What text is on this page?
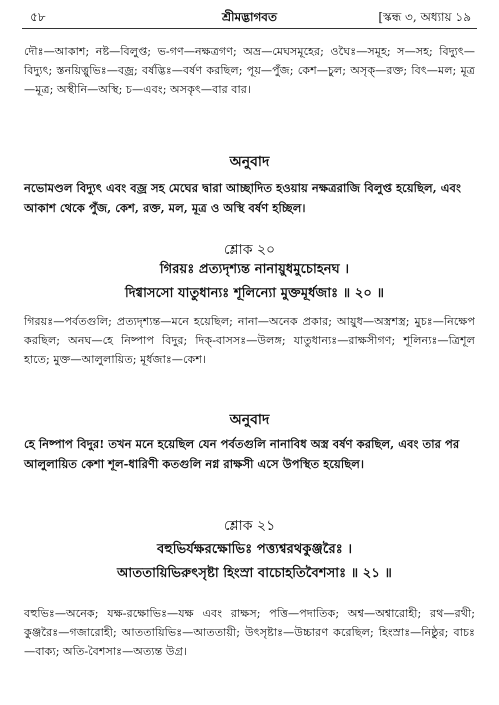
৫৮	শ্রীমদ্ভাগবত	[স্কন্ধ ৩, অধ্যায় ১৯

দৌঃ—আকাশ; নষ্ট—বিলুপ্ত; ভ-গণ—নক্ষত্রগণ; অভ্র—মেঘসমূহের; ওঘৈঃ—সমূহ; স—সহ; বিদ্যুৎ—বিদ্যুৎ; স্তনয়িত্নুভিঃ—বজ্র; বর্ষদ্ভিঃ—বর্ষণ করছিল; পূয়—পুঁজ; কেশ—চুল; অসৃক্—রক্ত; বিৎ—মল; মূত্র—মূত্র; অস্থীনি—অস্থি; চ—এবং; অসকৃৎ—বার বার।

অনুবাদ

নভোমণ্ডল বিদ্যুৎ এবং বজ্র সহ মেঘের দ্বারা আচ্ছাদিত হওয়ায় নক্ষত্ররাজি বিলুপ্ত হয়েছিল, এবং আকাশ থেকে পুঁজ, কেশ, রক্ত, মল, মূত্র ও অস্থি বর্ষণ হচ্ছিল।

শ্লোক ২০
গিরয়ঃ প্রত্যদৃশ্যন্ত নানায়ুধমুচোহনঘ ।
দিগ্বাসসো যাতুধান্যঃ শূলিন্যো মুক্তমূর্ধজাঃ ॥ ২০ ॥

গিরয়ঃ—পর্বতগুলি; প্রত্যদৃশ্যন্ত—মনে হয়েছিল; নানা—অনেক প্রকার; আয়ুধ—অস্ত্রশস্ত্র; মুচঃ—নিক্ষেপ করছিল; অনঘ—হে নিষ্পাপ বিদুর; দিক্-বাসসঃ—উলঙ্গ; যাতুধান্যঃ—রাক্ষসীগণ; শূলিন্যঃ—ত্রিশূল হাতে; মুক্ত—আলুলায়িত; মূর্ধজাঃ—কেশ।

অনুবাদ

হে নিষ্পাপ বিদুর! তখন মনে হয়েছিল যেন পর্বতগুলি নানাবিধ অস্ত্র বর্ষণ করছিল, এবং তার পর আলুলায়িত কেশা শূল-ধারিণী কতগুলি নগ্ন রাক্ষসী এসে উপস্থিত হয়েছিল।

শ্লোক ২১
বহুভির্যক্ষরক্ষোভিঃ পত্ত্যশ্বরথকুঞ্জরৈঃ ।
আততায়িভিরুৎসৃষ্টা হিংস্রা বাচোহতিবৈশসাঃ ॥ ২১ ॥

বহুভিঃ—অনেক; যক্ষ-রক্ষোভিঃ—যক্ষ এবং রাক্ষস; পত্তি—পদাতিক; অশ্ব—অশ্বারোহী; রথ—রথী; কুঞ্জরৈঃ—গজারোহী; আততায়িভিঃ—আততায়ী; উৎসৃষ্টাঃ—উচ্চারণ করেছিল; হিংস্রাঃ—নিষ্ঠুর; বাচঃ—বাক্য; অতি-বৈশসাঃ—অত্যন্ত উগ্র।
